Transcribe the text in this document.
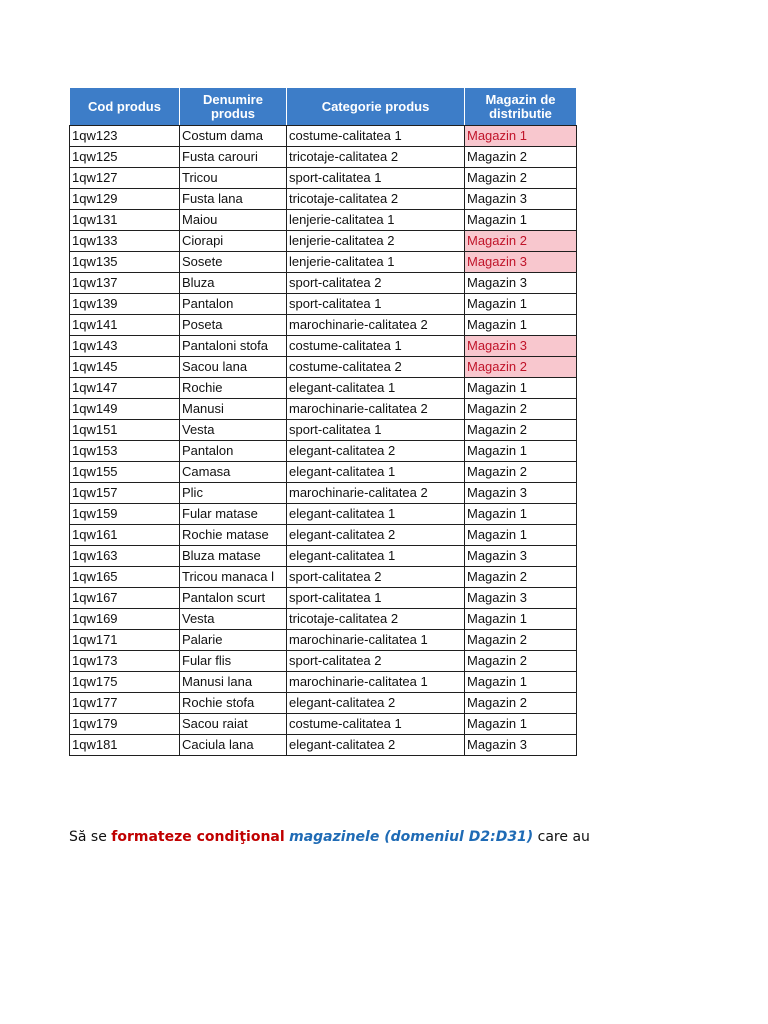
Cod produs	Denumire produs	Categorie produs	Magazin de distributie
1qw123	Costum dama	costume-calitatea 1	Magazin 1
1qw125	Fusta carouri	tricotaje-calitatea 2	Magazin 2
1qw127	Tricou	sport-calitatea 1	Magazin 2
1qw129	Fusta lana	tricotaje-calitatea 2	Magazin 3
1qw131	Maiou	lenjerie-calitatea 1	Magazin 1
1qw133	Ciorapi	lenjerie-calitatea 2	Magazin 2
1qw135	Sosete	lenjerie-calitatea 1	Magazin 3
1qw137	Bluza	sport-calitatea 2	Magazin 3
1qw139	Pantalon	sport-calitatea 1	Magazin 1
1qw141	Poseta	marochinarie-calitatea 2	Magazin 1
1qw143	Pantaloni stofa	costume-calitatea 1	Magazin 3
1qw145	Sacou lana	costume-calitatea 2	Magazin 2
1qw147	Rochie	elegant-calitatea 1	Magazin 1
1qw149	Manusi	marochinarie-calitatea 2	Magazin 2
1qw151	Vesta	sport-calitatea 1	Magazin 2
1qw153	Pantalon	elegant-calitatea 2	Magazin 1
1qw155	Camasa	elegant-calitatea 1	Magazin 2
1qw157	Plic	marochinarie-calitatea 2	Magazin 3
1qw159	Fular matase	elegant-calitatea 1	Magazin 1
1qw161	Rochie matase	elegant-calitatea 2	Magazin 1
1qw163	Bluza matase	elegant-calitatea 1	Magazin 3
1qw165	Tricou manaca l	sport-calitatea 2	Magazin 2
1qw167	Pantalon scurt	sport-calitatea 1	Magazin 3
1qw169	Vesta	tricotaje-calitatea 2	Magazin 1
1qw171	Palarie	marochinarie-calitatea 1	Magazin 2
1qw173	Fular flis	sport-calitatea 2	Magazin 2
1qw175	Manusi lana	marochinarie-calitatea 1	Magazin 1
1qw177	Rochie stofa	elegant-calitatea 2	Magazin 2
1qw179	Sacou raiat	costume-calitatea 1	Magazin 1
1qw181	Caciula lana	elegant-calitatea 2	Magazin 3
Să se formateze condiţional magazinele (domeniul D2:D31) care au
